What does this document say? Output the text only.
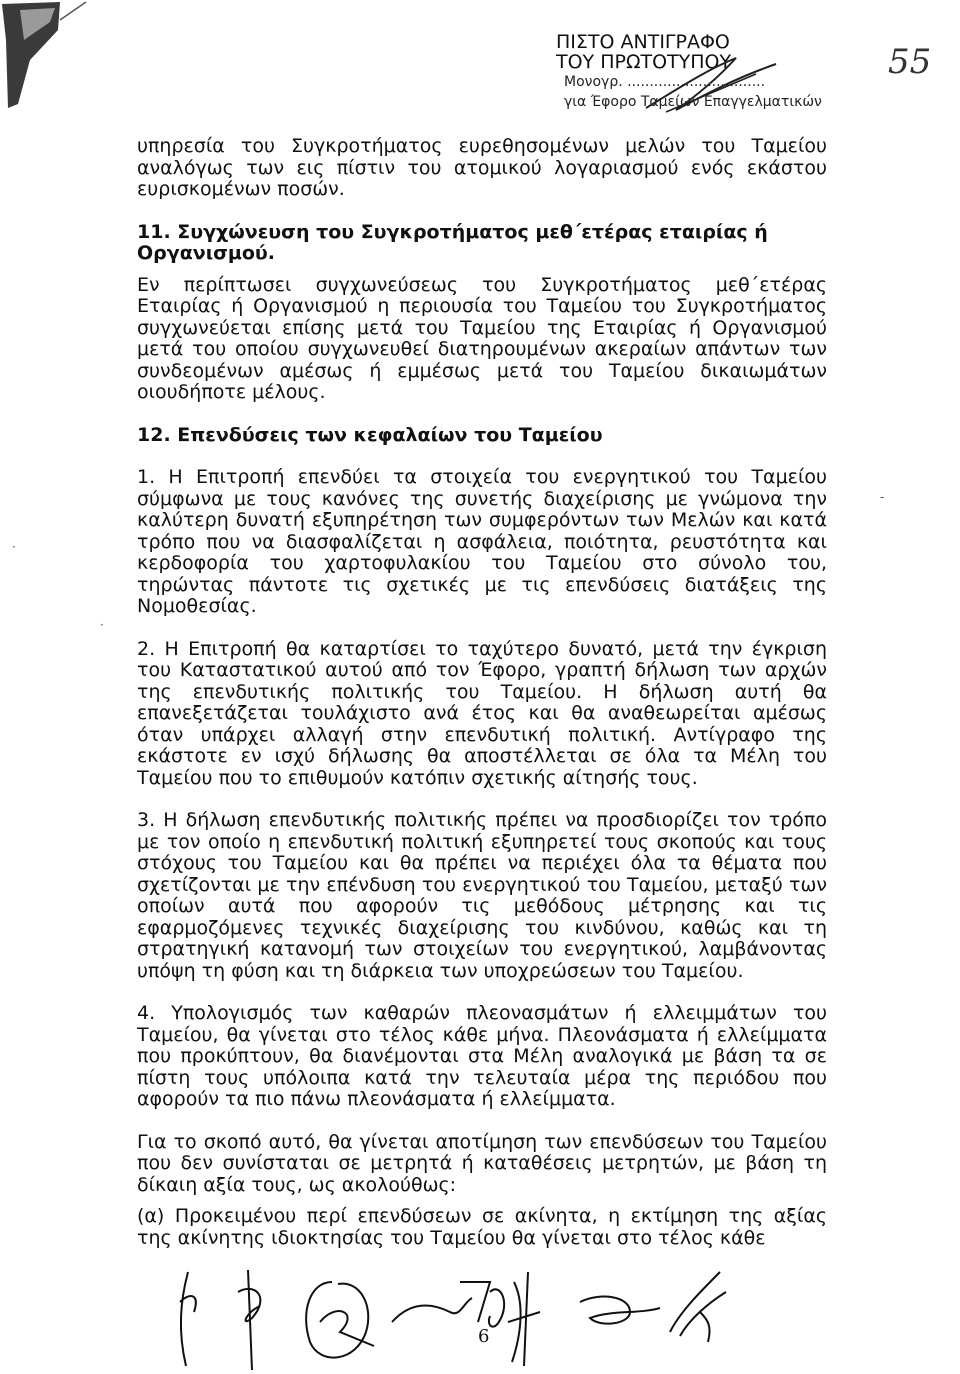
ΠΙΣΤΟ ΑΝΤΙΓΡΑΦΟ
ΤΟΥ ΠΡΩΤΟΤΥΠΟΥ
Μονογρ. ...............................
για Έφορο Ταμείων Επαγγελματικών
55

υπηρεσία του Συγκροτήματος ευρεθησομένων μελών του Ταμείου αναλόγως των εις πίστιν του ατομικού λογαριασμού ενός εκάστου ευρισκομένων ποσών.

11. Συγχώνευση του Συγκροτήματος μεθ΄ετέρας εταιρίας ή Οργανισμού.

Εν περίπτωσει συγχωνεύσεως του Συγκροτήματος μεθ΄ετέρας Εταιρίας ή Οργανισμού η περιουσία του Ταμείου του Συγκροτήματος συγχωνεύεται επίσης μετά του Ταμείου της Εταιρίας ή Οργανισμού μετά του οποίου συγχωνευθεί διατηρουμένων ακεραίων απάντων των συνδεομένων αμέσως ή εμμέσως μετά του Ταμείου δικαιωμάτων οιουδήποτε μέλους.

12. Επενδύσεις των κεφαλαίων του Ταμείου

1. Η Επιτροπή επενδύει τα στοιχεία του ενεργητικού του Ταμείου σύμφωνα με τους κανόνες της συνετής διαχείρισης με γνώμονα την καλύτερη δυνατή εξυπηρέτηση των συμφερόντων των Μελών και κατά τρόπο που να διασφαλίζεται η ασφάλεια, ποιότητα, ρευστότητα και κερδοφορία του χαρτοφυλακίου του Ταμείου στο σύνολο του, τηρώντας πάντοτε τις σχετικές με τις επενδύσεις διατάξεις της Νομοθεσίας.

2. Η Επιτροπή θα καταρτίσει το ταχύτερο δυνατό, μετά την έγκριση του Καταστατικού αυτού από τον Έφορο, γραπτή δήλωση των αρχών της επενδυτικής πολιτικής του Ταμείου. Η δήλωση αυτή θα επανεξετάζεται τουλάχιστο ανά έτος και θα αναθεωρείται αμέσως όταν υπάρχει αλλαγή στην επενδυτική πολιτική. Αντίγραφο της εκάστοτε εν ισχύ δήλωσης θα αποστέλλεται σε όλα τα Μέλη του Ταμείου που το επιθυμούν κατόπιν σχετικής αίτησής τους.

3. Η δήλωση επενδυτικής πολιτικής πρέπει να προσδιορίζει τον τρόπο με τον οποίο η επενδυτική πολιτική εξυπηρετεί τους σκοπούς και τους στόχους του Ταμείου και θα πρέπει να περιέχει όλα τα θέματα που σχετίζονται με την επένδυση του ενεργητικού του Ταμείου, μεταξύ των οποίων αυτά που αφορούν τις μεθόδους μέτρησης και τις εφαρμοζόμενες τεχνικές διαχείρισης του κινδύνου, καθώς και τη στρατηγική κατανομή των στοιχείων του ενεργητικού, λαμβάνοντας υπόψη τη φύση και τη διάρκεια των υποχρεώσεων του Ταμείου.

4. Υπολογισμός των καθαρών πλεονασμάτων ή ελλειμμάτων του Ταμείου, θα γίνεται στο τέλος κάθε μήνα. Πλεονάσματα ή ελλείμματα που προκύπτουν, θα διανέμονται στα Μέλη αναλογικά με βάση τα σε πίστη τους υπόλοιπα κατά την τελευταία μέρα της περιόδου που αφορούν τα πιο πάνω πλεονάσματα ή ελλείμματα.

Για το σκοπό αυτό, θα γίνεται αποτίμηση των επενδύσεων του Ταμείου που δεν συνίσταται σε μετρητά ή καταθέσεις μετρητών, με βάση τη δίκαιη αξία τους, ως ακολούθως:

(α) Προκειμένου περί επενδύσεων σε ακίνητα, η εκτίμηση της αξίας της ακίνητης ιδιοκτησίας του Ταμείου θα γίνεται στο τέλος κάθε

·
·
-
6
